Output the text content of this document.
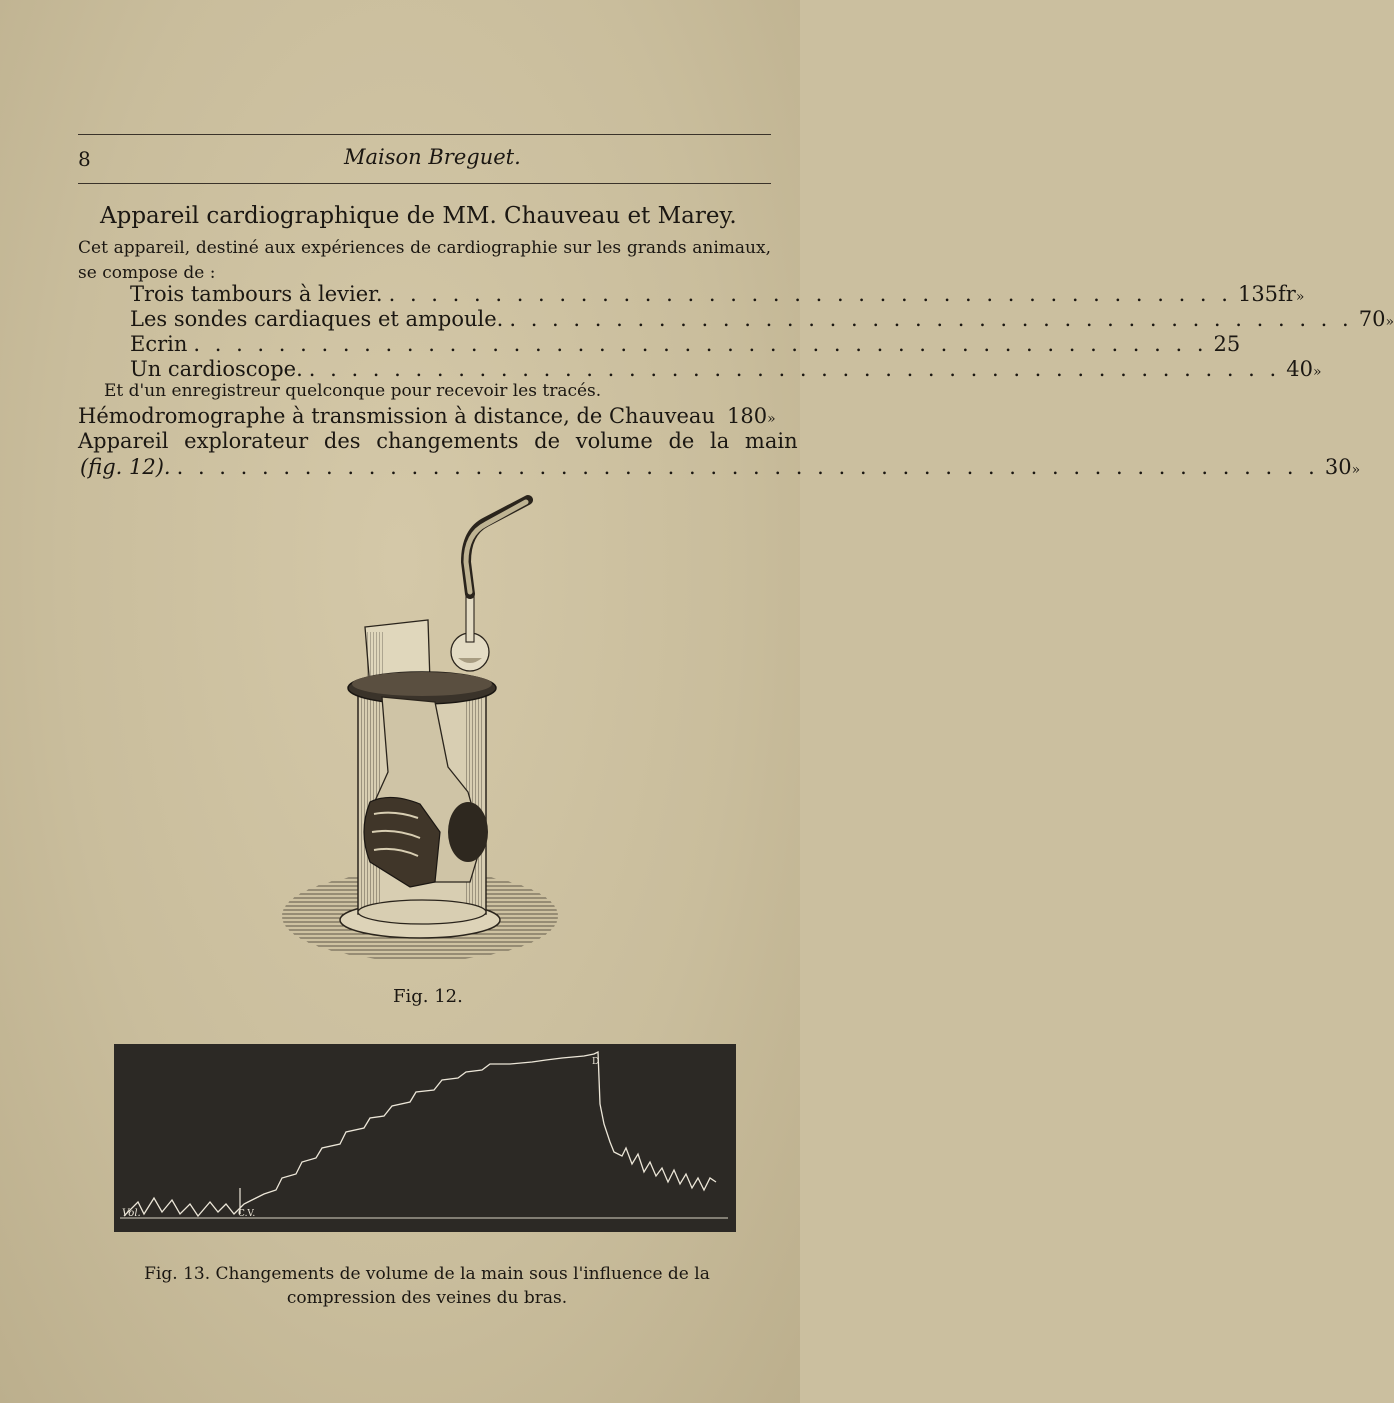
8	Maison Breguet.
Appareil cardiographique de MM. Chauveau et Marey.
Cet appareil, destiné aux expériences de cardiographie sur les grands animaux, se compose de :
Trois tambours à levier. . . . . . . . . . . . . . . . . . . . . . . . . . . . . . . . . . . . . . . . . 135fr »
Les sondes cardiaques et ampoule. . . . . . . . . . . . . . . . . . . . . . . . . . . . . . . . . . . . . . . . . 70 »
Ecrin . . . . . . . . . . . . . . . . . . . . . . . . . . . . . . . . . . . . . . . . . . . . . . . . 25
Un cardioscope. . . . . . . . . . . . . . . . . . . . . . . . . . . . . . . . . . . . . . . . . . . . . . . 40 »
Et d'un enregistreur quelconque pour recevoir les tracés.
Hémodromographe à transmission à distance, de Chauveau 180 »
Appareil explorateur des changements de volume de la main
(fig. 12). . . . . . . . . . . . . . . . . . . . . . . . . . . . . . . . . . . . . . . . . . . . . . . . . . . . . . . 30 »
Fig. 12.
Vol.	C.V.
D
Fig. 13. Changements de volume de la main sous l'influence de la compression des veines du bras.
